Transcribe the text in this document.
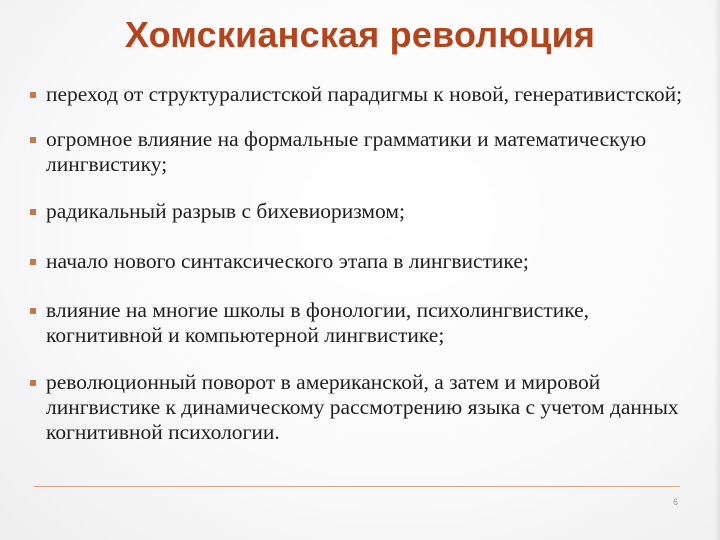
Хомскианская революция
переход от структуралистской парадигмы к новой, генеративистской;
огромное влияние на формальные грамматики и математическую лингвистику;
радикальный разрыв с бихевиоризмом;
начало нового синтаксического этапа в лингвистике;
влияние на многие школы в фонологии, психолингвистике, когнитивной и компьютерной лингвистике;
революционный поворот в американской, а затем и мировой лингвистике к динамическому рассмотрению языка с учетом данных когнитивной психологии.
6
